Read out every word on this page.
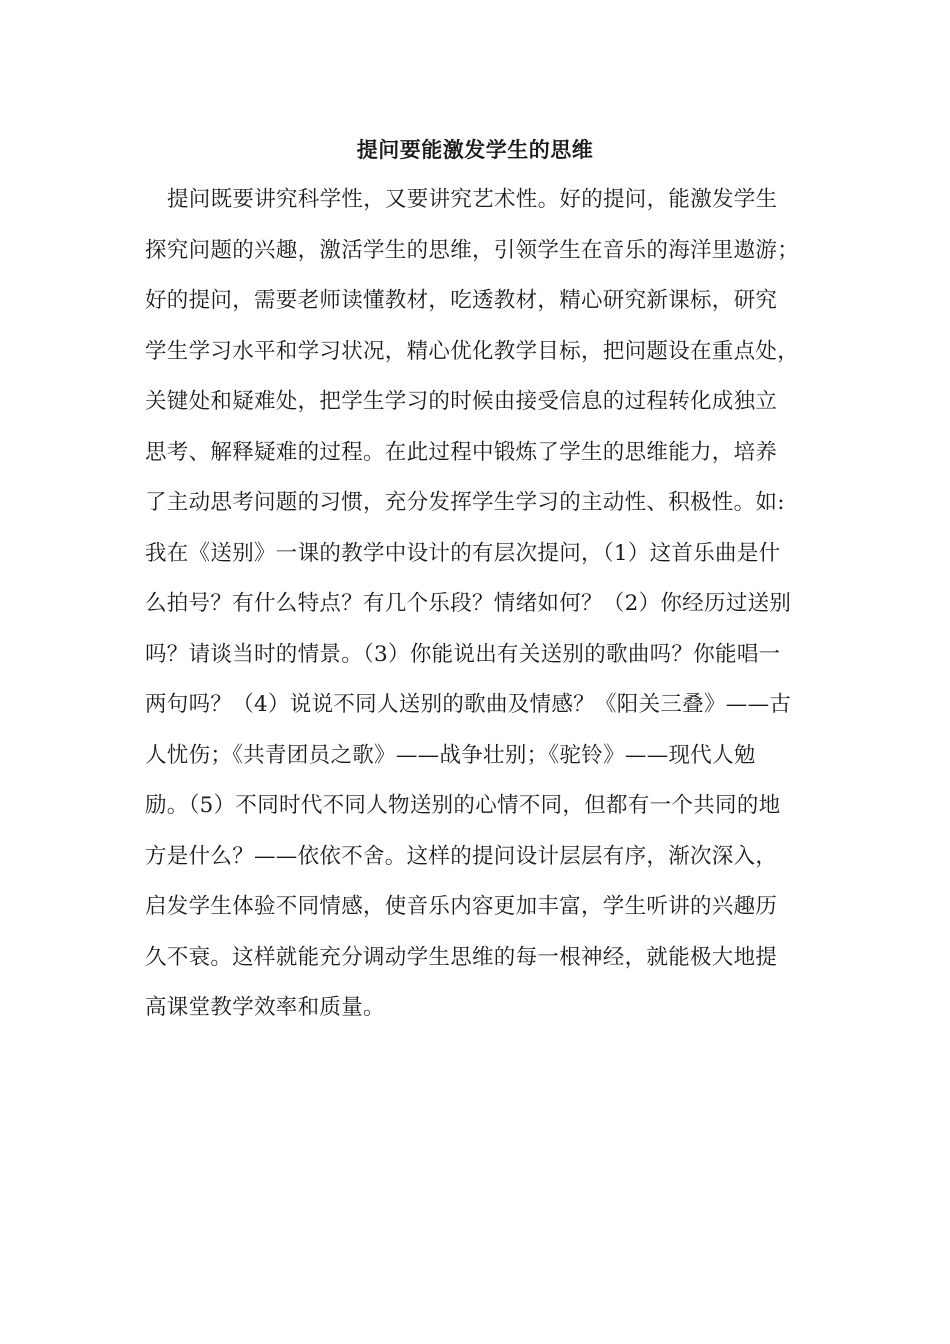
提问要能激发学生的思维
提问既要讲究科学性，又要讲究艺术性。好的提问，能激发学生
探究问题的兴趣，激活学生的思维，引领学生在音乐的海洋里遨游；
好的提问，需要老师读懂教材，吃透教材，精心研究新课标，研究
学生学习水平和学习状况，精心优化教学目标，把问题设在重点处，
关键处和疑难处，把学生学习的时候由接受信息的过程转化成独立
思考、解释疑难的过程。在此过程中锻炼了学生的思维能力，培养
了主动思考问题的习惯，充分发挥学生学习的主动性、积极性。如:
我在《送别》一课的教学中设计的有层次提问，（1）这首乐曲是什
么拍号？有什么特点？有几个乐段？情绪如何？（2）你经历过送别
吗？请谈当时的情景。（3）你能说出有关送别的歌曲吗？你能唱一
两句吗？（4）说说不同人送别的歌曲及情感？《阳关三叠》——古
人忧伤；《共青团员之歌》——战争壮别；《驼铃》——现代人勉
励。（5）不同时代不同人物送别的心情不同，但都有一个共同的地
方是什么？——依依不舍。这样的提问设计层层有序，渐次深入，
启发学生体验不同情感，使音乐内容更加丰富，学生听讲的兴趣历
久不衰。这样就能充分调动学生思维的每一根神经，就能极大地提
高课堂教学效率和质量。
